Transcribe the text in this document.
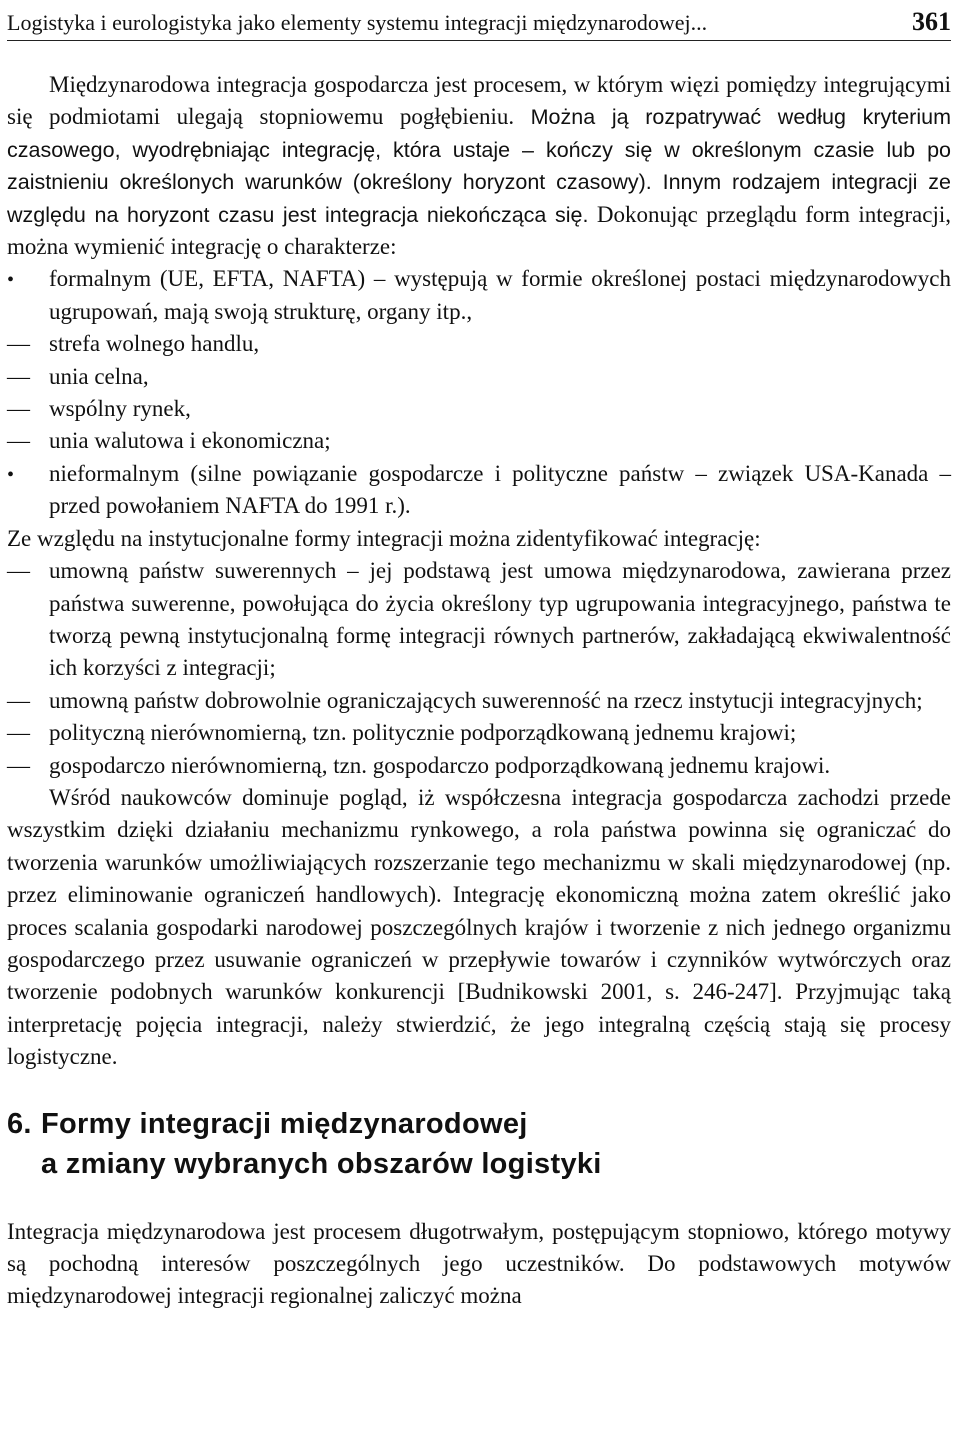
Logistyka i eurologistyka jako elementy systemu integracji międzynarodowej...	361

Międzynarodowa integracja gospodarcza jest procesem, w którym więzi pomiędzy integrującymi się podmiotami ulegają stopniowemu pogłębieniu. Można ją rozpatrywać według kryterium czasowego, wyodrębniając integrację, która ustaje – kończy się w określonym czasie lub po zaistnieniu określonych warunków (określony horyzont czasowy). Innym rodzajem integracji ze względu na horyzont czasu jest integracja niekończąca się. Dokonując przeglądu form integracji, można wymienić integrację o charakterze:

•
formalnym (UE, EFTA, NAFTA) – występują w formie określonej postaci międzynarodowych ugrupowań, mają swoją strukturę, organy itp.,
—
strefa wolnego handlu,
—
unia celna,
—
wspólny rynek,
—
unia walutowa i ekonomiczna;
•
nieformalnym (silne powiązanie gospodarcze i polityczne państw – związek USA-Kanada – przed powołaniem NAFTA do 1991 r.).

Ze względu na instytucjonalne formy integracji można zidentyfikować integrację:

—
umowną państw suwerennych – jej podstawą jest umowa międzynarodowa, zawierana przez państwa suwerenne, powołująca do życia określony typ ugrupowania integracyjnego, państwa te tworzą pewną instytucjonalną formę integracji równych partnerów, zakładającą ekwiwalentność ich korzyści z integracji;
—
umowną państw dobrowolnie ograniczających suwerenność na rzecz instytucji integracyjnych;
—
polityczną nierównomierną, tzn. politycznie podporządkowaną jednemu krajowi;
—
gospodarczo nierównomierną, tzn. gospodarczo podporządkowaną jednemu krajowi.

Wśród naukowców dominuje pogląd, iż współczesna integracja gospodarcza zachodzi przede wszystkim dzięki działaniu mechanizmu rynkowego, a rola państwa powinna się ograniczać do tworzenia warunków umożliwiających rozszerzanie tego mechanizmu w skali międzynarodowej (np. przez eliminowanie ograniczeń handlowych). Integrację ekonomiczną można zatem określić jako proces scalania gospodarki narodowej poszczególnych krajów i tworzenie z nich jednego organizmu gospodarczego przez usuwanie ograniczeń w przepływie towarów i czynników wytwórczych oraz tworzenie podobnych warunków konkurencji [Budnikowski 2001, s. 246-247]. Przyjmując taką interpretację pojęcia integracji, należy stwierdzić, że jego integralną częścią stają się procesy logistyczne.

6. Formy integracji międzynarodowej
a zmiany wybranych obszarów logistyki

Integracja międzynarodowa jest procesem długotrwałym, postępującym stopniowo, którego motywy są pochodną interesów poszczególnych jego uczestników. Do podstawowych motywów międzynarodowej integracji regionalnej zaliczyć można
